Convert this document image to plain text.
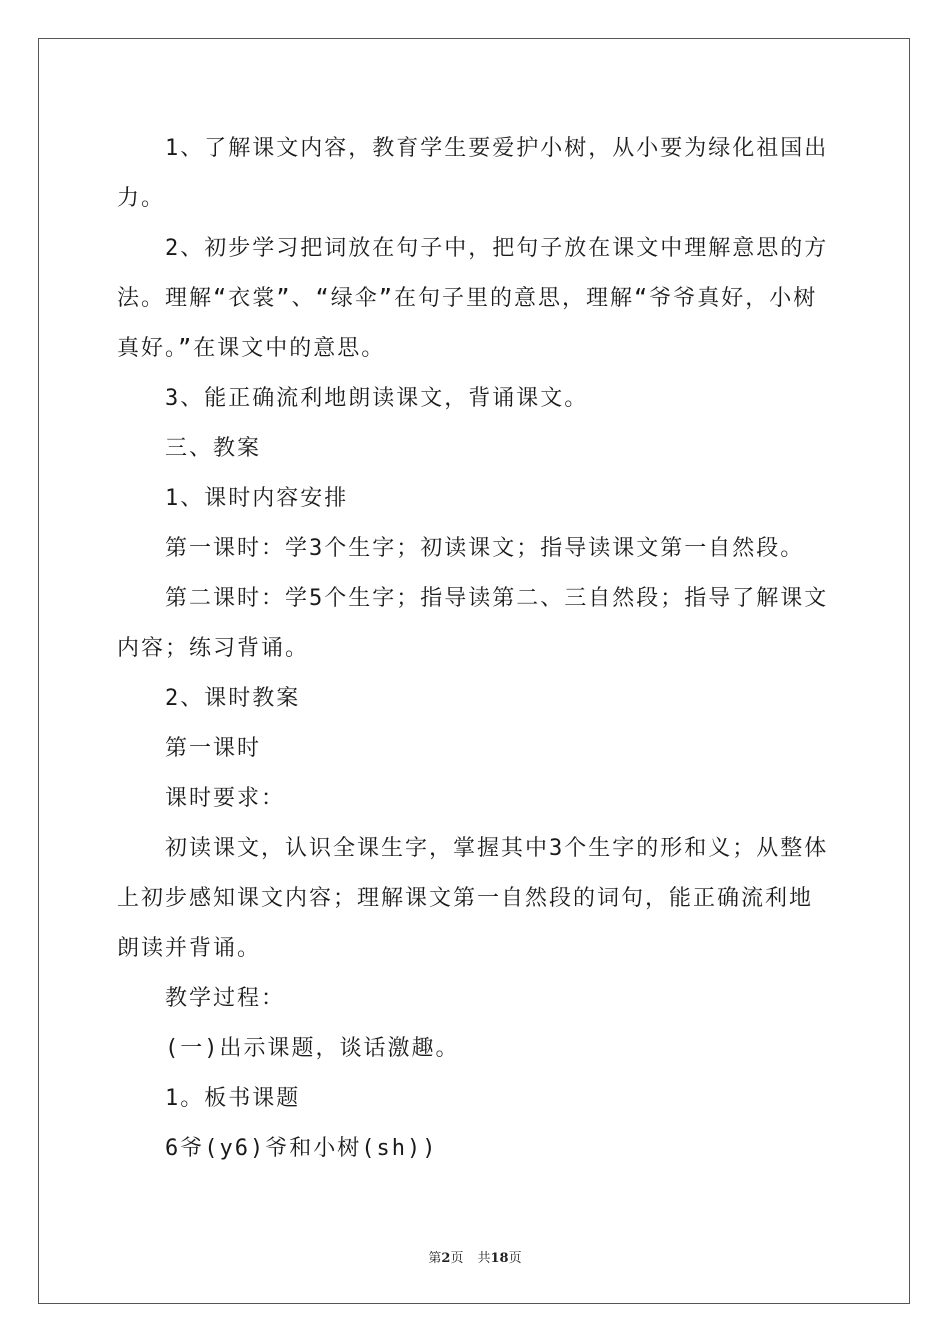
1、了解课文内容，教育学生要爱护小树，从小要为绿化祖国出力。

2、初步学习把词放在句子中，把句子放在课文中理解意思的方法。理解“衣裳”、“绿伞”在句子里的意思，理解“爷爷真好，小树真好。”在课文中的意思。

3、能正确流利地朗读课文，背诵课文。

三、教案

1、课时内容安排

第一课时：学3个生字；初读课文；指导读课文第一自然段。

第二课时：学5个生字；指导读第二、三自然段；指导了解课文内容；练习背诵。

2、课时教案

第一课时

课时要求：

初读课文，认识全课生字，掌握其中3个生字的形和义；从整体上初步感知课文内容；理解课文第一自然段的词句，能正确流利地朗读并背诵。

教学过程：

(一)出示课题，谈话激趣。

1。板书课题

6爷(y6)爷和小树(sh))

第2页 共18页
